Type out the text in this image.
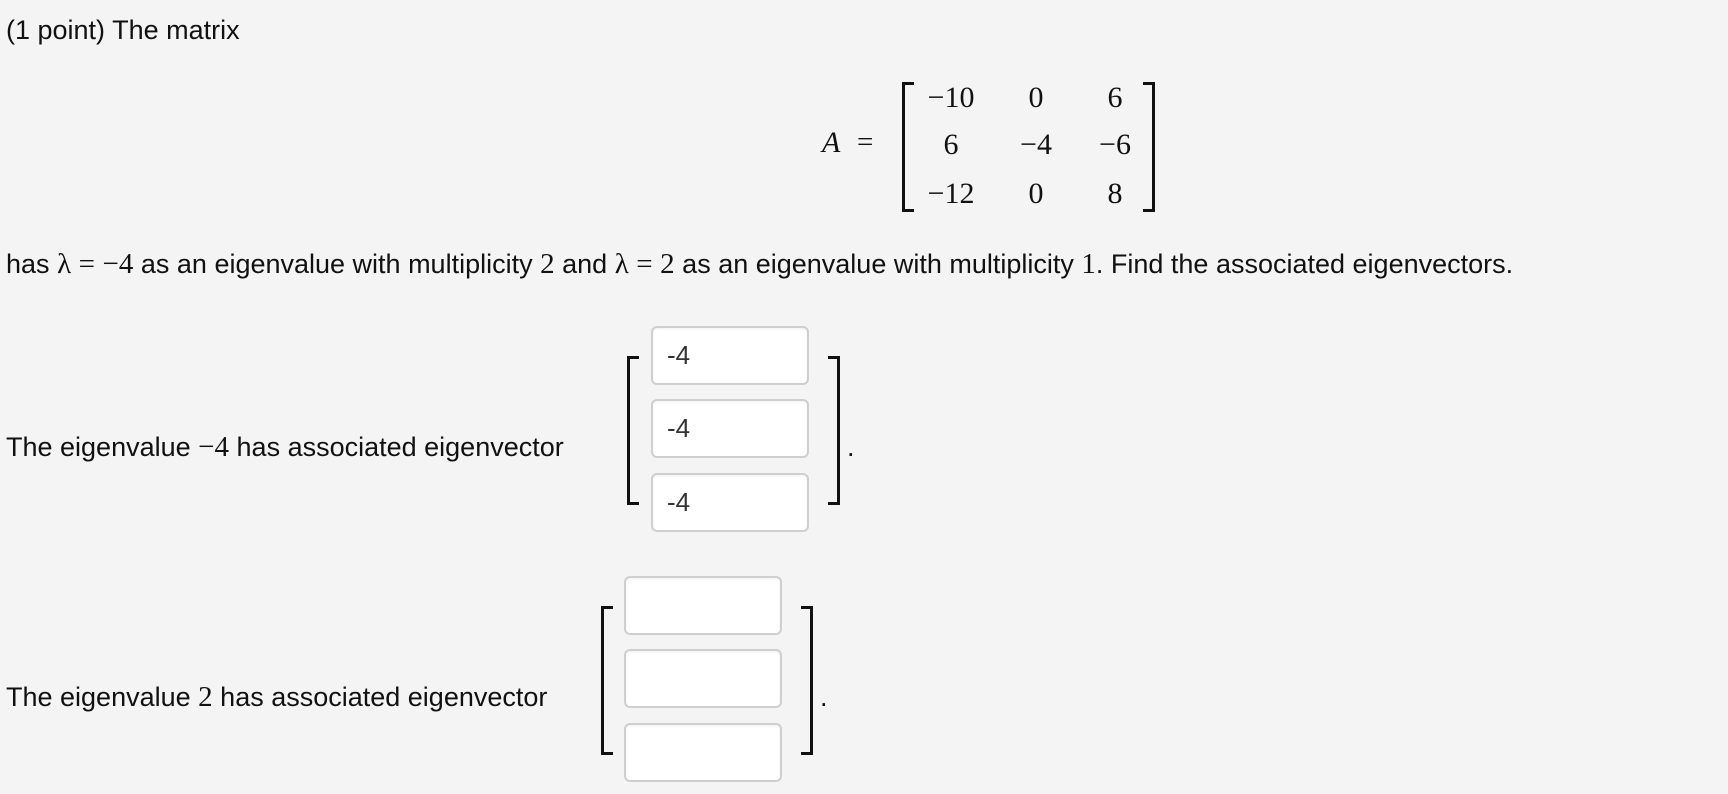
(1 point) The matrix
A =
−10	0	6
6	−4	−6
−12	0	8
has λ = −4 as an eigenvalue with multiplicity 2 and λ = 2 as an eigenvalue with multiplicity 1. Find the associated eigenvectors.
The eigenvalue −4 has associated eigenvector
-4
-4
-4	.
The eigenvalue 2 has associated eigenvector	.
